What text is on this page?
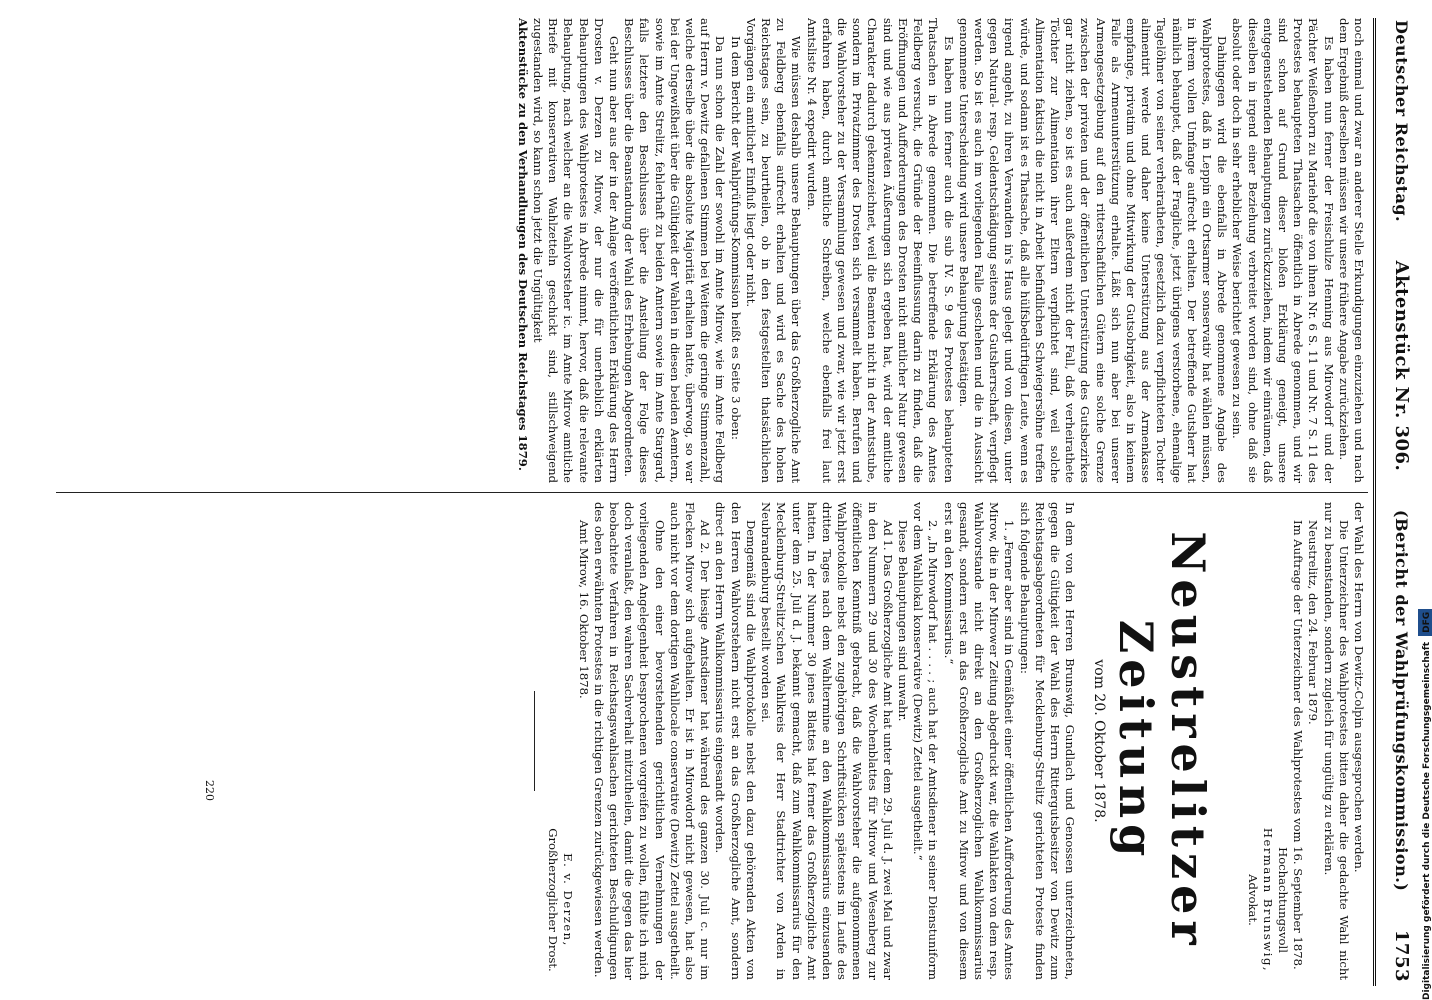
Deutscher Reichstag.
Aktenstück Nr. 306.
(Bericht der Wahlprüfungskommission.)
1753

noch einmal und zwar an anderer Stelle Erkundigungen einzuziehen und nach dem Ergebniß derselben müssen wir unsere frühere Angabe zurückziehen.

Es haben nun ferner der Freischulze Henning aus Mirowdorf und der Pächter Weißenborn zu Mariehof die von ihnen Nr. 6 S. 11 und Nr. 7 S. 11 des Protestes behaupteten Thatsachen öffentlich in Abrede genommen, und wir sind schon auf Grund dieser bloßen Erklärung geneigt, unsere entgegenstehenden Behauptungen zurückzuziehen, indem wir einräumen, daß dieselben in irgend einer Beziehung verbreitet worden sind, ohne daß sie absolut oder doch in sehr erheblicher Weise berichtet gewesen zu sein.

Dahingegen wird die ebenfalls in Abrede genommene Angabe des Wahlprotestes, daß in Leppin ein Ortsarmer sonservativ hat wählen müssen, in ihrem vollen Umfange aufrecht erhalten. Der betreffende Gutsherr hat nämlich behauptet, daß der Fragliche, jetzt übrigens verstorbene, ehemalige Tagelöhner von seiner verheiratheten, gesetzlich dazu verpflichteten Tochter alimentirt werde und daher keine Unterstützung aus der Armenkasse empfange, privatim und ohne Mitwirkung der Gutsobrigkeit, also in keinem Falle als Armenunterstützung erhalte. Läßt sich nun aber bei unserer Armengesetzgebung auf den ritterschaftlichen Gütern eine solche Grenze zwischen der privaten und der öffentlichen Unterstützung des Gutsbezirkes gar nicht ziehen, so ist es auch außerdem nicht der Fall, daß verheirathete Töchter zur Alimentation ihrer Eltern verpflichtet sind, weil solche Alimentation faktisch die nicht in Arbeit befindlichen Schwiegersöhne treffen würde, und sodann ist es Thatsache, daß alle hülfsbedürftigen Leute, wenn es irgend angeht, zu ihren Verwandten in's Haus gelegt und von diesen, unter gegen Natural- resp. Geldentschädigung seitens der Gutsherrschaft, verpflegt werden. So ist es auch im vorliegenden Falle geschehen und die in Aussicht genommene Unterscheidung wird unsere Behauptung bestätigen.

Es haben nun ferner auch die sub IV. S. 9 des Protestes behaupteten Thatsachen in Abrede genommen. Die betreffende Erklärung des Amtes Feldberg versucht, die Gründe der Beeinflussung darin zu finden, daß die Eröffnungen und Aufforderungen des Drosten nicht amtlicher Natur gewesen sind und wie aus privaten Äußerungen sich ergeben hat, wird der amtliche Charakter dadurch gekennzeichnet, weil die Beamten nicht in der Amtsstube, sondern im Privatzimmer des Drosten sich versammelt haben. Berufen und die Wahlvorsteher zu der Versammlung gewesen und zwar, wie wir jetzt erst erfahren haben, durch amtliche Schreiben, welche ebenfalls frei laut Amtsliste Nr. 4 expedirt wurden.

Wie müssen deshalb unsere Behauptungen über das Großherzogliche Amt zu Feldberg ebenfalls aufrecht erhalten und wird es Sache des hohen Reichstages sein, zu beurtheilen, ob in den festgestellten thatsächlichen Vorgängen ein amtlicher Einfluß liegt oder nicht.

In dem Bericht der Wahlprüfungs-Kommission heißt es Seite 3 oben:

Da nun schon die Zahl der sowohl im Amte Mirow, wie im Amte Feldberg auf Herrn v. Dewitz gefallenen Stimmen bei Weitem die geringe Stimmenzahl, welche derselbe über die absolute Majorität erhalten hatte, überwog, so war bei der Ungewißheit über die Gültigkeit der Wahlen in diesen beiden Aemtern, sowie im Amte Strelitz, fehlerhaft zu beiden Amtern sowie im Amte Stargard, falls letztere den Beschlusses über die Anstellung der Folge dieses Beschlusses über die Beanstandung der Wahl des Erhebungen Abgeordneten.

Geht nun aber aus der in der Anlage veröffentlichten Erklärung des Herrn Drosten v. Derzen zu Mirow, der nur die für unerheblich erklärten Behauptungen des Wahlprotestes in Abrede nimmt, hervor, daß die relevante Behauptung, nach welcher an die Wahlvorsteher ic. im Amte Mirow amtliche Briefe mit konservativen Wahlzetteln geschickt sind, stillschweigend zugestanden wird, so kann schon jetzt die Ungültigkeit

Aktenstücke zu den Verhandlungen des Deutschen Reichstages 1879.

der Wahl des Herrn von Dewitz-Colpin ausgesprochen werden.

Die Unterzeichner des Wahlprotestes bitten daher die gedachte Wahl nicht nur zu beanstanden, sondern zugleich für ungültig zu erklären.

Neustrelitz, den 24. Februar 1879.

Im Auftrage der Unterzeichner des Wahlprotestes vom 16. September 1878.

Hochachtungsvoll
Hermann Brunswig,
Advokat.
Neustrelitzer Zeitung
vom 20. Oktober 1878.

In dem von den Herren Brunswig, Gundlach und Genossen unterzeichneten, gegen die Gültigkeit der Wahl des Herrn Rittergutsbesitzer von Dewitz zum Reichstagsabgeordneten für Mecklenburg-Strelitz gerichteten Proteste finden sich folgende Behauptungen:

1. „Ferner aber sind in Gemäßheit einer öffentlichen Aufforderung des Amtes Mirow, die in der Mirower Zeitung abgedruckt war, die Wahlakten von dem resp. Wahlvorstande nicht direkt an den Großherzoglichen Wahlkommissarius gesandt, sondern erst an das Großherzogliche Amt zu Mirow und von diesem erst an den Kommissarius.“

2. „In Mirowdorf hat . . . . ; auch hat der Amtsdiener in seiner Dienstuniform vor dem Wahllokal konservative (Dewitz) Zettel ausgetheilt.“

Diese Behauptungen sind unwahr.

Ad 1. Das Großherzogliche Amt hat unter dem 29. Juli d. J. zwei Mal und zwar in den Nummern 29 und 30 des Wochenblattes für Mirow und Wesenberg zur öffentlichen Kenntniß gebracht, daß die Wahlvorsteher die aufgenommenen Wahlprotokolle nebst den zugehörigen Schriftstücken spätestens im Laufe des dritten Tages nach dem Wahltermine an den Wahlkommissarius einzusenden hatten. In der Nummer 30 jenes Blattes hat ferner das Großherzogliche Amt unter dem 25. Juli d. J. bekannt gemacht, daß zum Wahlkommissarius für den Mecklenburg-Strelitz'schen Wahlkreis der Herr Stadtrichter von Arden in Neubrandenburg bestellt worden sei.

Demgemäß sind die Wahlprotokolle nebst den dazu gehörenden Akten von den Herren Wahlvorstehern nicht erst an das Großherzogliche Amt, sondern direct an den Herrn Wahlkommissarius eingesandt worden.

Ad 2. Der hiesige Amtsdiener hat während des ganzen 30. Juli c. nur im Flecken Mirow sich aufgehalten. Er ist in Mirowdorf nicht gewesen, hat also auch nicht vor dem dortigen Wahllocale conservative (Dewitz) Zettel ausgetheilt.

Ohne den einer bevorstehenden gerichtlichen Vernehmungen der vorliegenden Angelegenheit besprochenen vorgreifen zu wollen, fühlte ich mich doch veranlaßt, den wahren Sachverhalt mitzutheilen, damit die gegen das hier beobachtete Verfahren in Reichstagswahlsachen gerichteten Beschuldigungen des oben erwähnten Protestes in die richtigen Grenzen zurückgewiesen werden.

Amt Mirow, 16. Oktober 1878.

E. v. Derzen,
Großherzoglicher Drost.
220	Digitalisierung gefördert durch die Deutsche ForschungsgemeinschaftDFG
